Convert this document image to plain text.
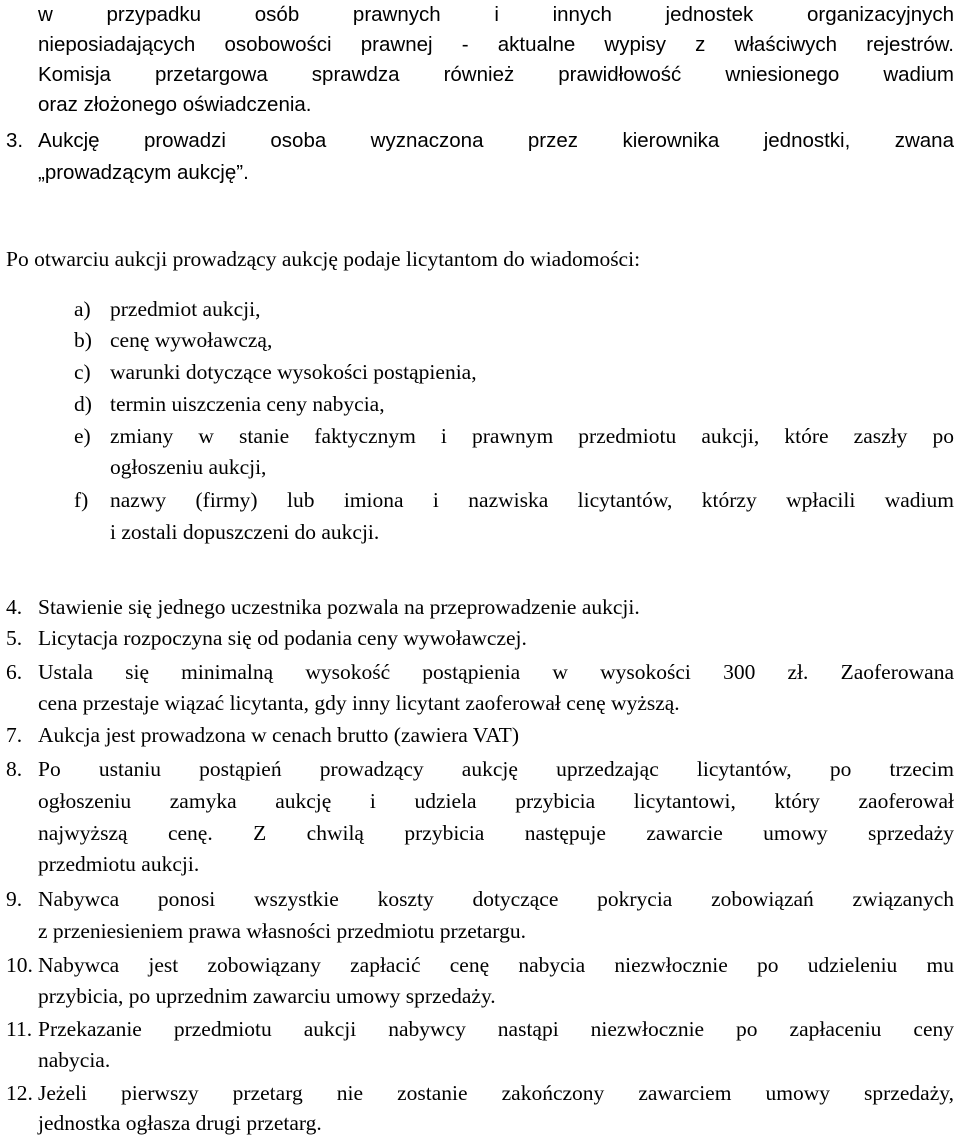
w przypadku osób prawnych i innych jednostek organizacyjnych
nieposiadających osobowości prawnej - aktualne wypisy z właściwych rejestrów.
Komisja przetargowa sprawdza również prawidłowość wniesionego wadium
oraz złożonego oświadczenia.
3. Aukcję prowadzi osoba wyznaczona przez kierownika jednostki, zwana
„prowadzącym aukcję”.
Po otwarciu aukcji prowadzący aukcję podaje licytantom do wiadomości:
a) przedmiot aukcji,
b) cenę wywoławczą,
c) warunki dotyczące wysokości postąpienia,
d) termin uiszczenia ceny nabycia,
e) zmiany w stanie faktycznym i prawnym przedmiotu aukcji, które zaszły po
ogłoszeniu aukcji,
f) nazwy (firmy) lub imiona i nazwiska licytantów, którzy wpłacili wadium
i zostali dopuszczeni do aukcji.
4. Stawienie się jednego uczestnika pozwala na przeprowadzenie aukcji.
5. Licytacja rozpoczyna się od podania ceny wywoławczej.
6. Ustala się minimalną wysokość postąpienia w wysokości 300 zł. Zaoferowana
cena przestaje wiązać licytanta, gdy inny licytant zaoferował cenę wyższą.
7. Aukcja jest prowadzona w cenach brutto (zawiera VAT)
8. Po ustaniu postąpień prowadzący aukcję uprzedzając licytantów, po trzecim
ogłoszeniu zamyka aukcję i udziela przybicia licytantowi, który zaoferował
najwyższą cenę. Z chwilą przybicia następuje zawarcie umowy sprzedaży
przedmiotu aukcji.
9. Nabywca ponosi wszystkie koszty dotyczące pokrycia zobowiązań związanych
z przeniesieniem prawa własności przedmiotu przetargu.
10. Nabywca jest zobowiązany zapłacić cenę nabycia niezwłocznie po udzieleniu mu
przybicia, po uprzednim zawarciu umowy sprzedaży.
11. Przekazanie przedmiotu aukcji nabywcy nastąpi niezwłocznie po zapłaceniu ceny
nabycia.
12. Jeżeli pierwszy przetarg nie zostanie zakończony zawarciem umowy sprzedaży,
jednostka ogłasza drugi przetarg.
